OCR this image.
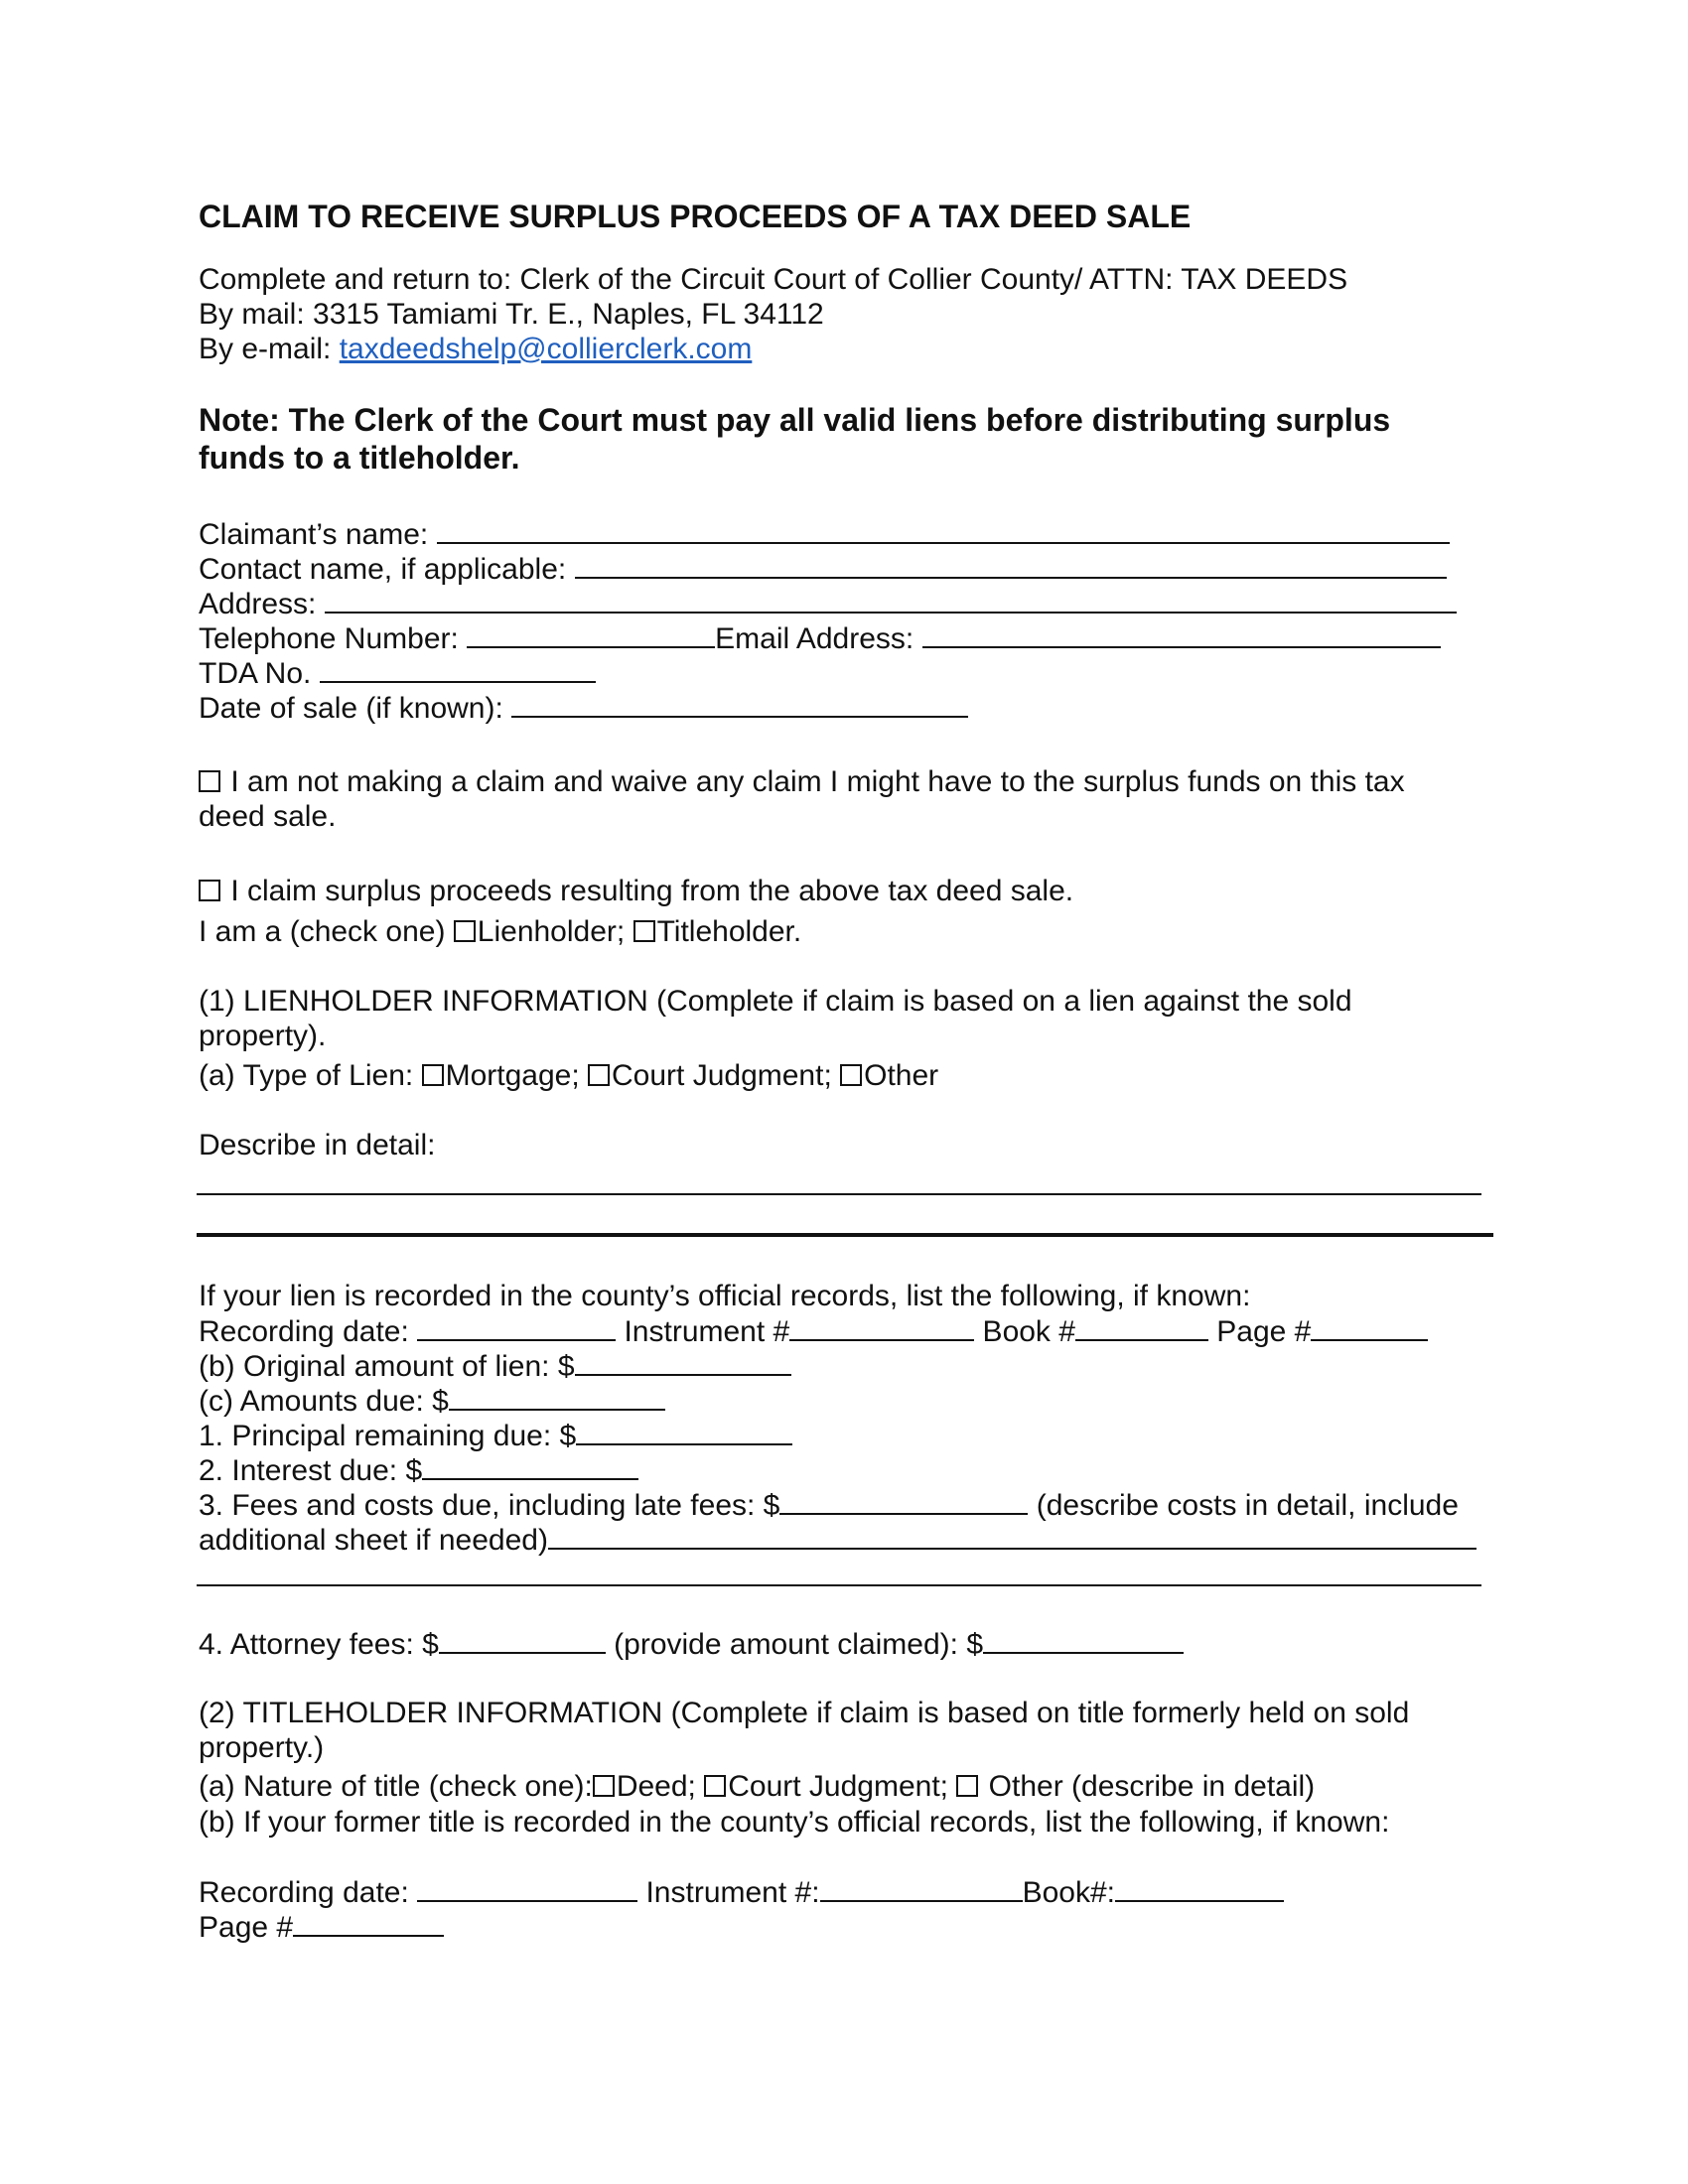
CLAIM TO RECEIVE SURPLUS PROCEEDS OF A TAX DEED SALE
Complete and return to: Clerk of the Circuit Court of Collier County/ ATTN: TAX DEEDS
By mail: 3315 Tamiami Tr. E., Naples, FL 34112
By e-mail: taxdeedshelp@collierclerk.com
Note: The Clerk of the Court must pay all valid liens before distributing surplus
funds to a titleholder.
Claimant’s name:
Contact name, if applicable:
Address:
Telephone Number:	Email Address:
TDA No.
Date of sale (if known):
I am not making a claim and waive any claim I might have to the surplus funds on this tax
deed sale.
I claim surplus proceeds resulting from the above tax deed sale.
I am a (check one) Lienholder; Titleholder.
(1) LIENHOLDER INFORMATION (Complete if claim is based on a lien against the sold
property).
(a) Type of Lien: Mortgage; Court Judgment; Other
Describe in detail:
If your lien is recorded in the county’s official records, list the following, if known:
Recording date:	Instrument #	Book #	Page #
(b) Original amount of lien: $
(c) Amounts due: $
1. Principal remaining due: $
2. Interest due: $
3. Fees and costs due, including late fees: $	(describe costs in detail, include
additional sheet if needed)
4. Attorney fees: $	(provide amount claimed): $
(2) TITLEHOLDER INFORMATION (Complete if claim is based on title formerly held on sold
property.)
(a) Nature of title (check one): Deed; Court Judgment;  Other (describe in detail)
(b) If your former title is recorded in the county’s official records, list the following, if known:
Recording date:	Instrument #:	Book#:
Page #
